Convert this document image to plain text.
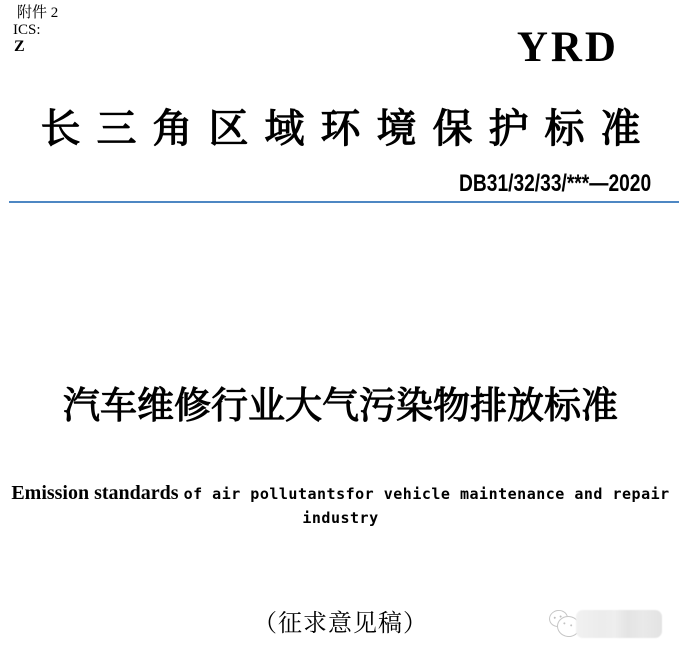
附件 2
ICS:
Z	YRD
长三角区域环境保护标准
DB31/32/33/***—2020
汽车维修行业大气污染物排放标准
Emission standards of air pollutantsfor vehicle maintenance and repair
industry
（征求意见稿）
